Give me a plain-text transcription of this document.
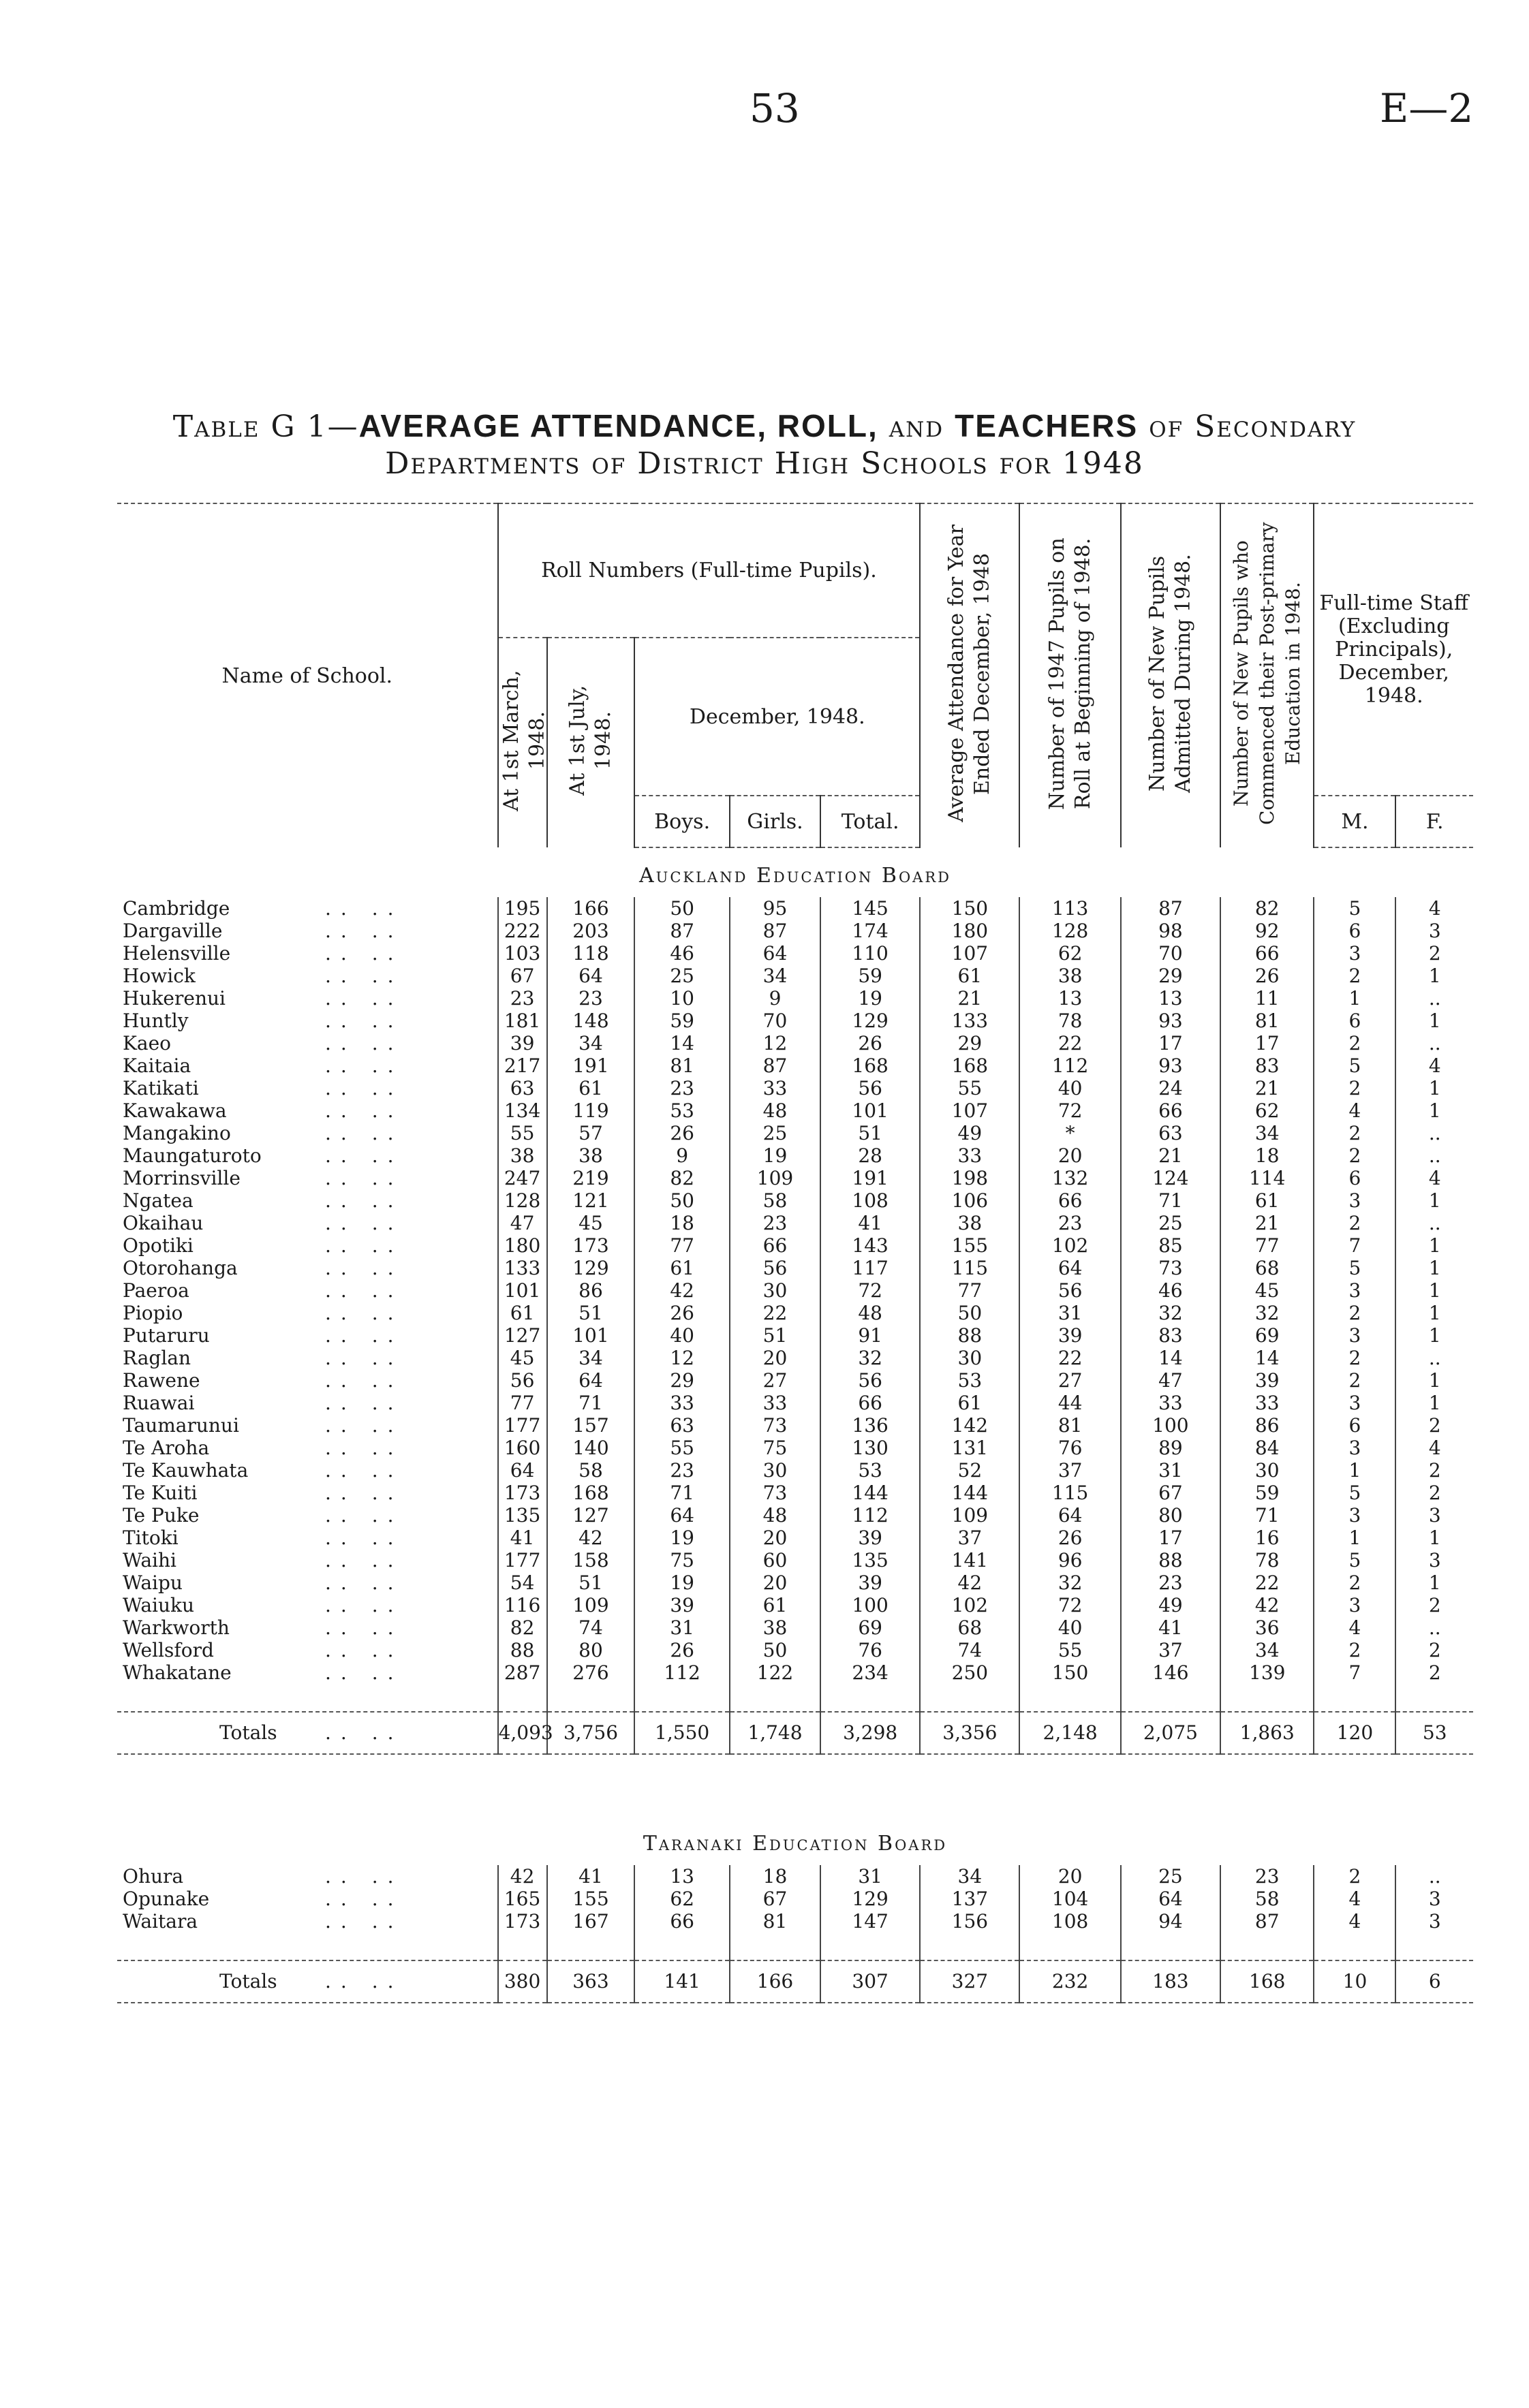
53	E—2
Table G 1—AVERAGE ATTENDANCE, ROLL, and TEACHERS of Secondary
Departments of District High Schools for 1948
Name of School.	Roll Numbers (Full-time Pupils).					Average Attendance for Year Ended December, 1948	Number of 1947 Pupils on Roll at Beginning of 1948.	Number of New Pupils Admitted During 1948.	Number of New Pupils who Commenced their Post-primary Education in 1948.	Full-time Staff (Excluding Principals), December, 1948.	
	At 1st March, 1948.	At 1st July, 1948.	December, 1948.								
			Boys.	Girls.	Total.					M.	F.
Auckland Education Board											
Cambridge .. ..	195	166	50	95	145	150	113	87	82	5	4
Dargaville .. ..	222	203	87	87	174	180	128	98	92	6	3
Helensville .. ..	103	118	46	64	110	107	62	70	66	3	2
Howick .. ..	67	64	25	34	59	61	38	29	26	2	1
Hukerenui .. ..	23	23	10	9	19	21	13	13	11	1	..
Huntly .. ..	181	148	59	70	129	133	78	93	81	6	1
Kaeo .. ..	39	34	14	12	26	29	22	17	17	2	..
Kaitaia .. ..	217	191	81	87	168	168	112	93	83	5	4
Katikati .. ..	63	61	23	33	56	55	40	24	21	2	1
Kawakawa .. ..	134	119	53	48	101	107	72	66	62	4	1
Mangakino .. ..	55	57	26	25	51	49	*	63	34	2	..
Maungaturoto .. ..	38	38	9	19	28	33	20	21	18	2	..
Morrinsville .. ..	247	219	82	109	191	198	132	124	114	6	4
Ngatea .. ..	128	121	50	58	108	106	66	71	61	3	1
Okaihau .. ..	47	45	18	23	41	38	23	25	21	2	..
Opotiki .. ..	180	173	77	66	143	155	102	85	77	7	1
Otorohanga .. ..	133	129	61	56	117	115	64	73	68	5	1
Paeroa .. ..	101	86	42	30	72	77	56	46	45	3	1
Piopio .. ..	61	51	26	22	48	50	31	32	32	2	1
Putaruru .. ..	127	101	40	51	91	88	39	83	69	3	1
Raglan .. ..	45	34	12	20	32	30	22	14	14	2	..
Rawene .. ..	56	64	29	27	56	53	27	47	39	2	1
Ruawai .. ..	77	71	33	33	66	61	44	33	33	3	1
Taumarunui .. ..	177	157	63	73	136	142	81	100	86	6	2
Te Aroha .. ..	160	140	55	75	130	131	76	89	84	3	4
Te Kauwhata .. ..	64	58	23	30	53	52	37	31	30	1	2
Te Kuiti .. ..	173	168	71	73	144	144	115	67	59	5	2
Te Puke .. ..	135	127	64	48	112	109	64	80	71	3	3
Titoki .. ..	41	42	19	20	39	37	26	17	16	1	1
Waihi .. ..	177	158	75	60	135	141	96	88	78	5	3
Waipu .. ..	54	51	19	20	39	42	32	23	22	2	1
Waiuku .. ..	116	109	39	61	100	102	72	49	42	3	2
Warkworth .. ..	82	74	31	38	69	68	40	41	36	4	..
Wellsford .. ..	88	80	26	50	76	74	55	37	34	2	2
Whakatane .. ..	287	276	112	122	234	250	150	146	139	7	2

Totals .. ..	4,093	3,756	1,550	1,748	3,298	3,356	2,148	2,075	1,863	120	53

Taranaki Education Board											
Ohura .. ..	42	41	13	18	31	34	20	25	23	2	..
Opunake .. ..	165	155	62	67	129	137	104	64	58	4	3
Waitara .. ..	173	167	66	81	147	156	108	94	87	4	3

Totals .. ..	380	363	141	166	307	327	232	183	168	10	6
